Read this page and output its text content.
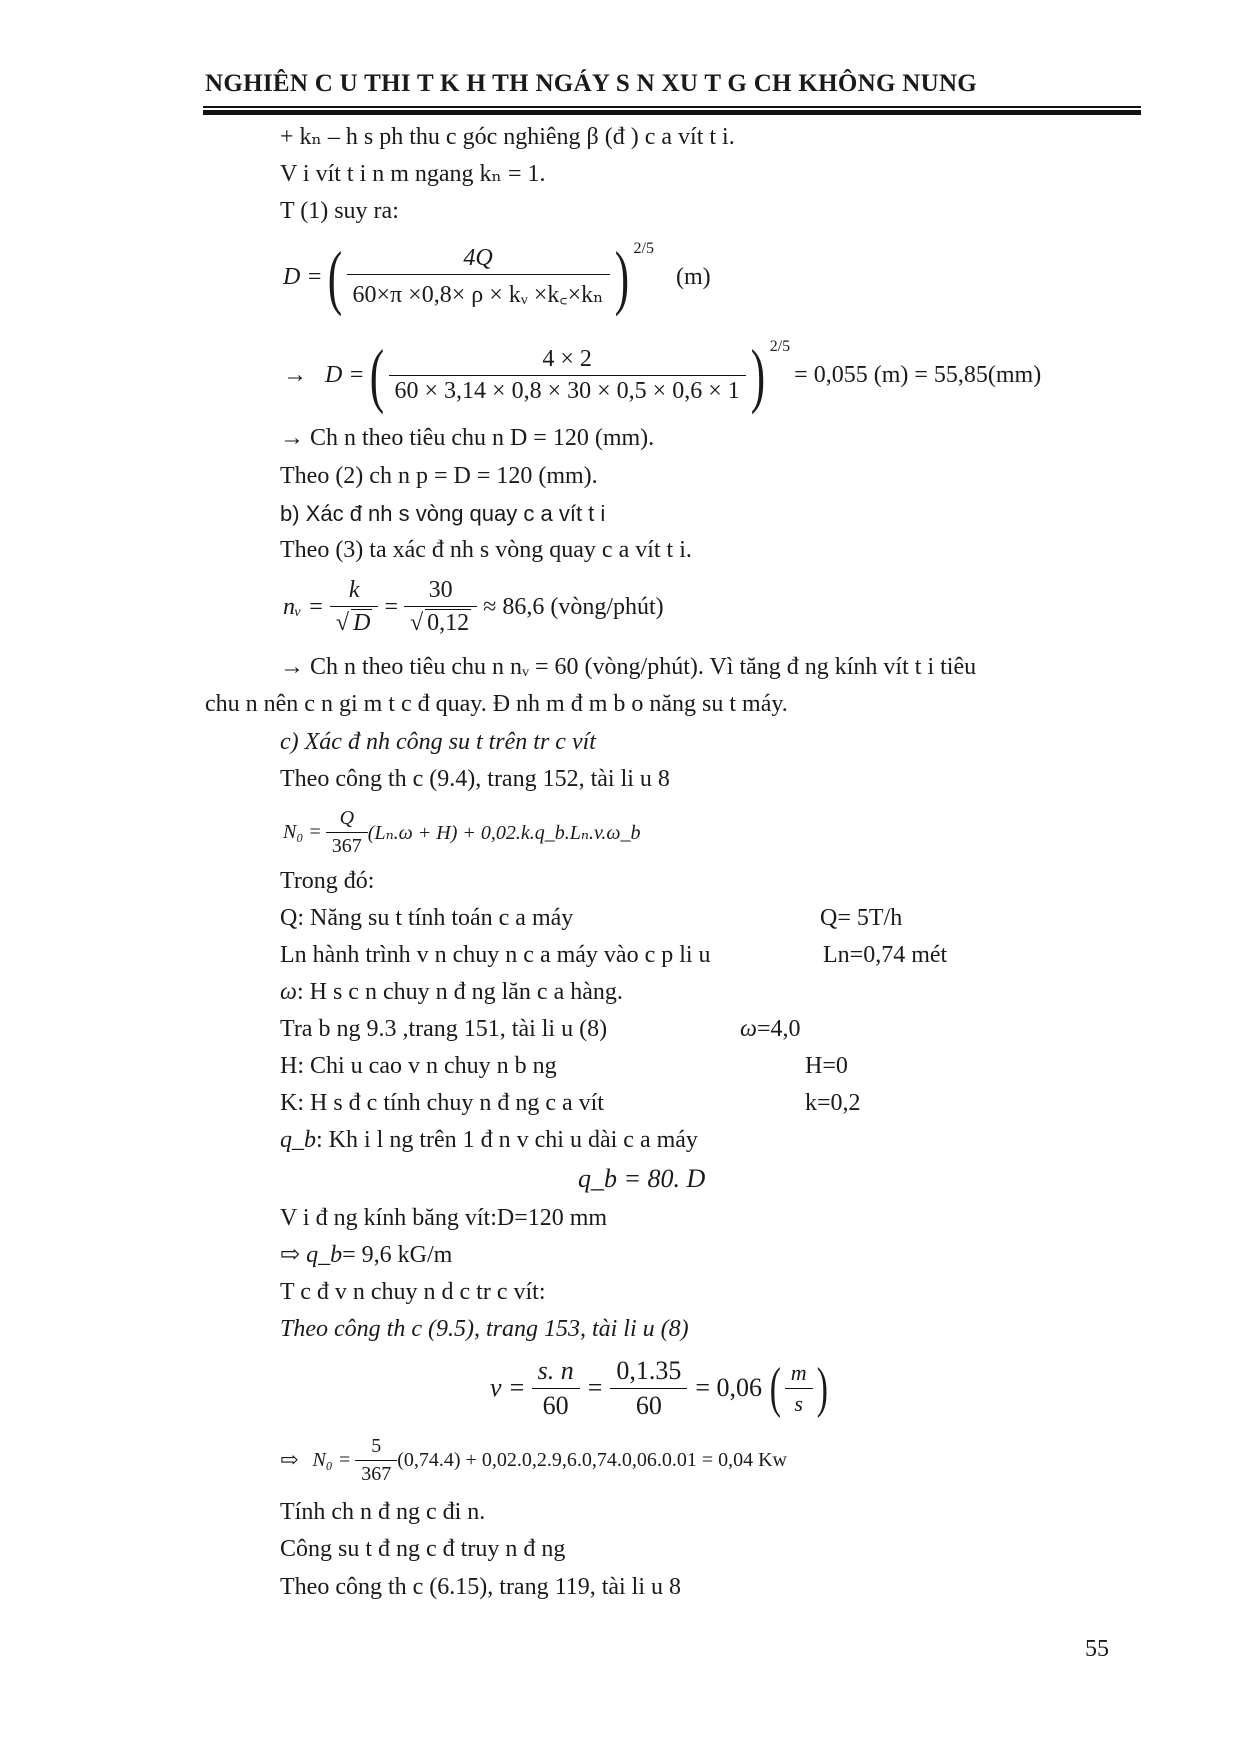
NGHIÊN C U THI T K H TH NGÁY S N XU T G CH KHÔNG NUNG
+ kₙ – h s ph thu c góc nghiêng β (đ ) c a vít t i.
V i vít t i n m ngang kₙ = 1.
T (1) suy ra:
D = ( $\frac{4Q}{\text{60×π ×0,8× ρ × kᵥ ×k꜀×kₙ}}$ ) 2/5
(m)
→ D = ( $\frac{4 \times 2}{60 \times 3,14 \times 0,8 \times 30 \times 0,5 \times 0,6 \times 1}$ ) 2/5
= 0,055 (m) = 55,85(mm)
→ Ch n theo tiêu chu n D = 120 (mm).
Theo (2) ch n p = D = 120 (mm).
b) Xác đ nh s vòng quay c a vít t i
Theo (3) ta xác đ nh s vòng quay c a vít t i.
nᵥ = $\frac{k}{√ D} = \frac{30}{√ 0,12} \approx 86,6$ (vòng/phút)
→ Ch n theo tiêu chu n nᵥ = 60 (vòng/phút). Vì tăng đ ng kính vít t i tiêu
chu n nên c n gi m t c đ quay. Đ nh m đ m b o năng su t máy.
c) Xác đ nh công su t trên tr c vít
Theo công th c (9.4), trang 152, tài li u 8
$N_0 = \frac{Q}{367} (L_n.\omega + H)$ + 0,02.k.q_b.Lₙ.v.ω_b
Trong đó:
Q: Năng su t tính toán c a máy	Q= 5T/h
Ln hành trình v n chuy n c a máy vào c p li u	Ln=0,74 mét
ω: H s c n chuy n đ ng lăn c a hàng.
Tra b ng 9.3 ,trang 151, tài li u (8)	ω=4,0
H: Chi u cao v n chuy n b ng	H=0
K: H s đ c tính chuy n đ ng c a vít	k=0,2
q_b: Kh i l ng trên 1 đ n v chi u dài c a máy
q_b = 80. D
V i đ ng kính băng vít:D=120 mm
⇨ q_b= 9,6 kG/m
T c đ v n chuy n d c tr c vít:
Theo công th c (9.5), trang 153, tài li u (8)
$v = \frac{s. n}{60} = \frac{0,1.35}{60} = 0,06$ ( $\frac{m}{s}$ )
⇨ $N_0 = \frac{5}{367} (0,74.4) + 0,02.0,2.9,6.0,74.0,06.0.01 = 0,04$ Kw
Tính ch n đ ng c đi n.
Công su t đ ng c đ truy n đ ng
Theo công th c (6.15), trang 119, tài li u 8
55
